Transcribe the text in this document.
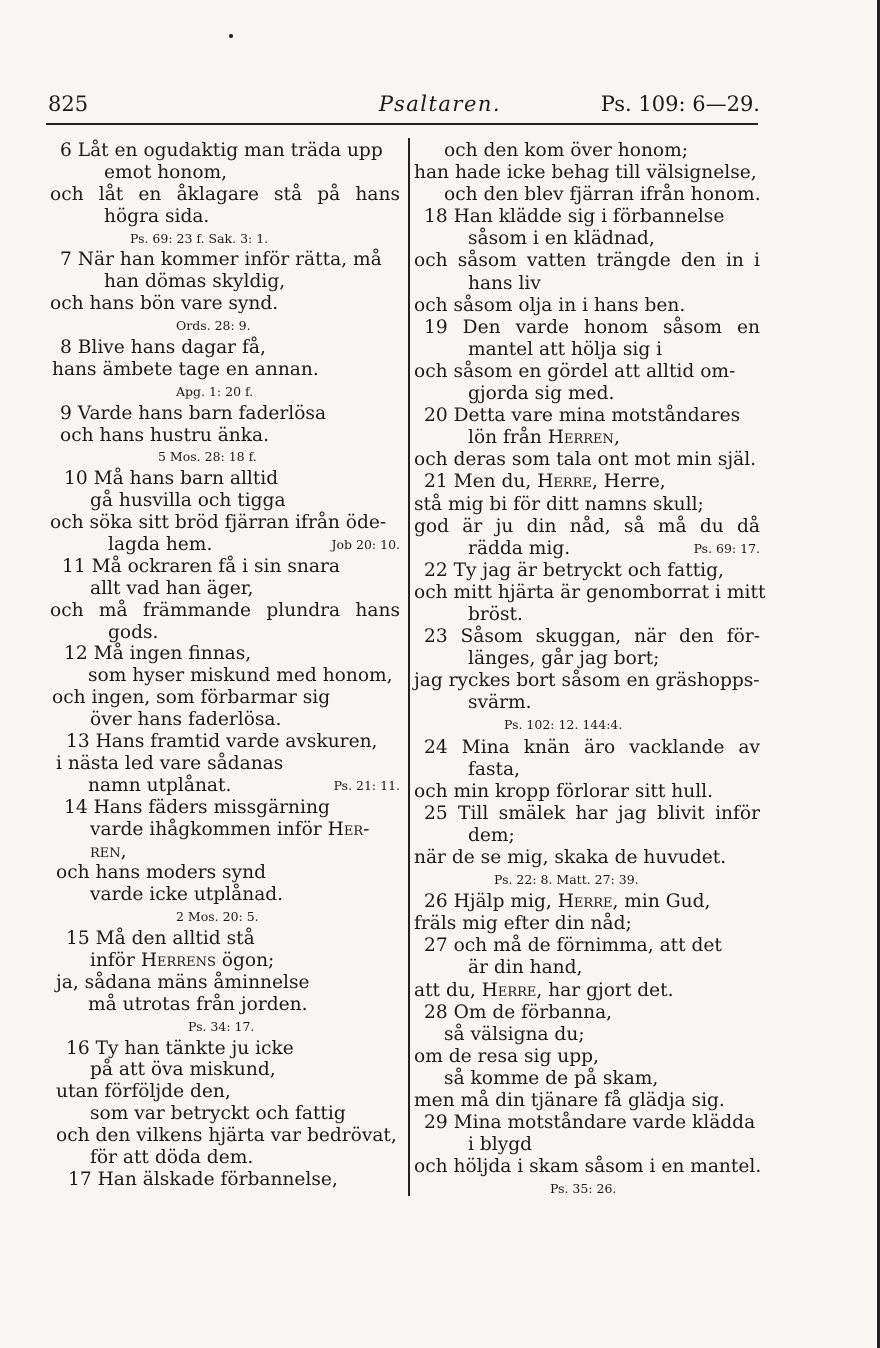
825	Psaltaren.	Ps. 109: 6—29.
6 Låt en ogudaktig man träda upp
emot honom,
och låt en åklagare stå på hans
högra sida.
Ps. 69: 23 f. Sak. 3: 1.
7 När han kommer inför rätta, må
han dömas skyldig,
och hans bön vare synd.
Ords. 28: 9.
8 Blive hans dagar få,
hans ämbete tage en annan.
Apg. 1: 20 f.
9 Varde hans barn faderlösa
och hans hustru änka.
5 Mos. 28: 18 f.
10 Må hans barn alltid
gå husvilla och tigga
och söka sitt bröd fjärran ifrån öde-
lagda hem.	Job 20: 10.
11 Må ockraren få i sin snara
allt vad han äger,
och må främmande plundra hans
gods.
12 Må ingen finnas,
som hyser miskund med honom,
och ingen, som förbarmar sig
över hans faderlösa.
13 Hans framtid varde avskuren,
i nästa led vare sådanas
namn utplånat.	Ps. 21: 11.
14 Hans fäders missgärning
varde ihågkommen inför Her-
ren,
och hans moders synd
varde icke utplånad.
2 Mos. 20: 5.
15 Må den alltid stå
inför Herrens ögon;
ja, sådana mäns åminnelse
må utrotas från jorden.
Ps. 34: 17.
16 Ty han tänkte ju icke
på att öva miskund,
utan förföljde den,
som var betryckt och fattig
och den vilkens hjärta var bedrövat,
för att döda dem.
17 Han älskade förbannelse,
och den kom över honom;
han hade icke behag till välsignelse,
och den blev fjärran ifrån honom.
18 Han klädde sig i förbannelse
såsom i en klädnad,
och såsom vatten trängde den in i
hans liv
och såsom olja in i hans ben.
19 Den varde honom såsom en
mantel att hölja sig i
och såsom en gördel att alltid om-
gjorda sig med.
20 Detta vare mina motståndares
lön från Herren,
och deras som tala ont mot min själ.
21 Men du, Herre, Herre,
stå mig bi för ditt namns skull;
god är ju din nåd, så må du då
rädda mig.	Ps. 69: 17.
22 Ty jag är betryckt och fattig,
och mitt hjärta är genomborrat i mitt
bröst.
23 Såsom skuggan, när den för-
länges, går jag bort;
jag ryckes bort såsom en gräshopps-
svärm.
Ps. 102: 12. 144:4.
24 Mina knän äro vacklande av
fasta,
och min kropp förlorar sitt hull.
25 Till smälek har jag blivit inför
dem;
när de se mig, skaka de huvudet.
Ps. 22: 8. Matt. 27: 39.
26 Hjälp mig, Herre, min Gud,
fräls mig efter din nåd;
27 och må de förnimma, att det
är din hand,
att du, Herre, har gjort det.
28 Om de förbanna,
så välsigna du;
om de resa sig upp,
så komme de på skam,
men må din tjänare få glädja sig.
29 Mina motståndare varde klädda
i blygd
och höljda i skam såsom i en mantel.
Ps. 35: 26.
